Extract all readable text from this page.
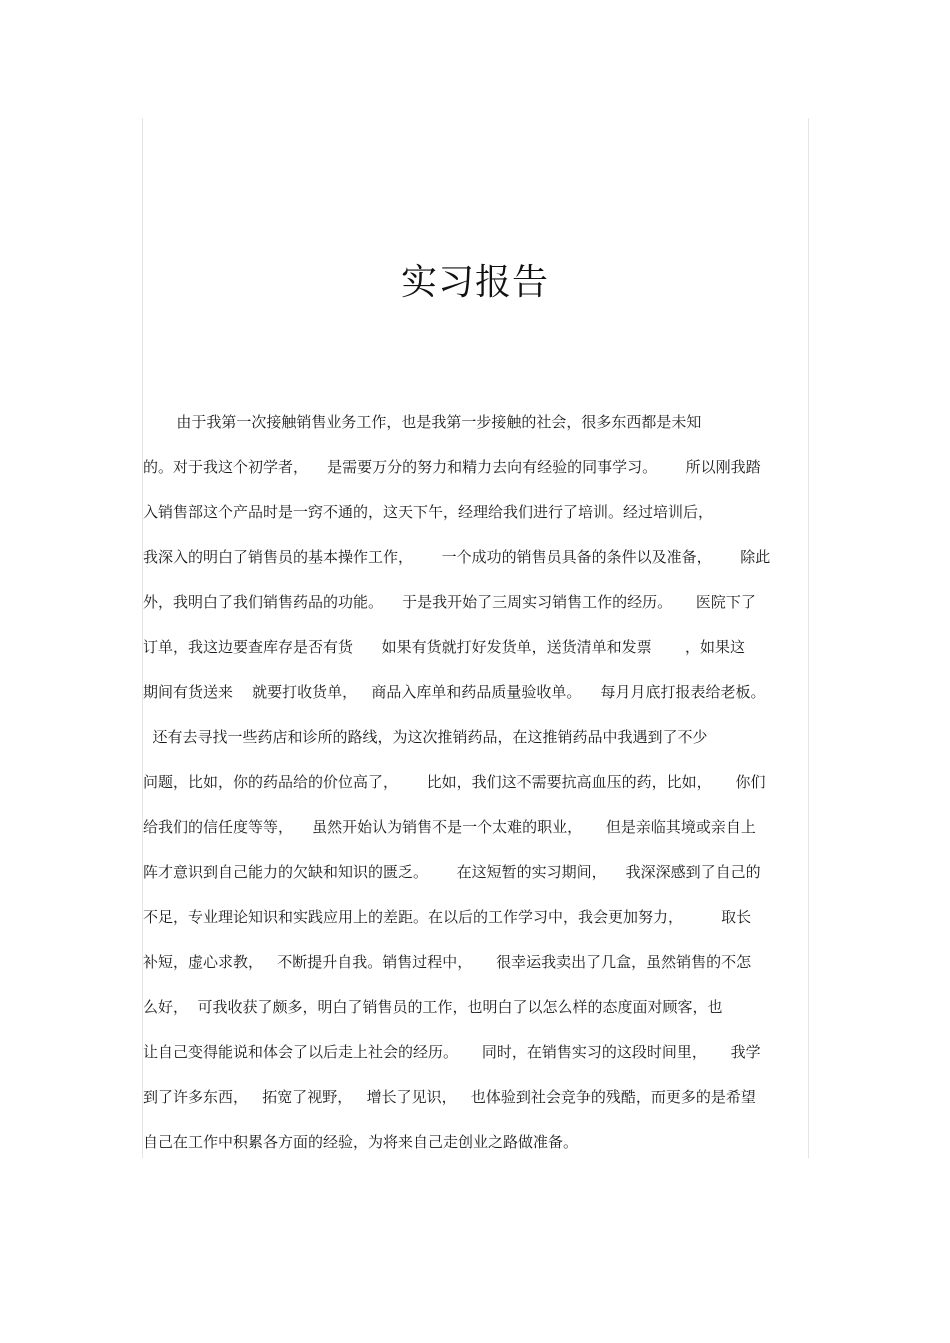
实习报告
由于我第一次接触销售业务工作，也是我第一步接触的社会，很多东西都是未知
的。对于我这个初学者，    是需要万分的努力和精力去向有经验的同事学习。      所以刚我踏
入销售部这个产品时是一窍不通的，这天下午，经理给我们进行了培训。经过培训后，
我深入的明白了销售员的基本操作工作，      一个成功的销售员具备的条件以及准备，      除此
外，我明白了我们销售药品的功能。    于是我开始了三周实习销售工作的经历。     医院下了
订单，我这边要查库存是否有货      如果有货就打好发货单，送货清单和发票       ，如果这
期间有货送来    就要打收货单，   商品入库单和药品质量验收单。    每月月底打报表给老板。
还有去寻找一些药店和诊所的路线，为这次推销药品，在这推销药品中我遇到了不少
问题，比如，你的药品给的价位高了，      比如，我们这不需要抗高血压的药，比如，     你们
给我们的信任度等等，    虽然开始认为销售不是一个太难的职业，     但是亲临其境或亲自上
阵才意识到自己能力的欠缺和知识的匮乏。      在这短暂的实习期间，    我深深感到了自己的
不足，专业理论知识和实践应用上的差距。在以后的工作学习中，我会更加努力，        取长
补短，虚心求教，   不断提升自我。销售过程中，     很幸运我卖出了几盒，虽然销售的不怎
么好，  可我收获了颇多，明白了销售员的工作，也明白了以怎么样的态度面对顾客，也
让自己变得能说和体会了以后走上社会的经历。     同时，在销售实习的这段时间里，     我学
到了许多东西，   拓宽了视野，   增长了见识，   也体验到社会竞争的残酷，而更多的是希望
自己在工作中积累各方面的经验，为将来自己走创业之路做准备。
